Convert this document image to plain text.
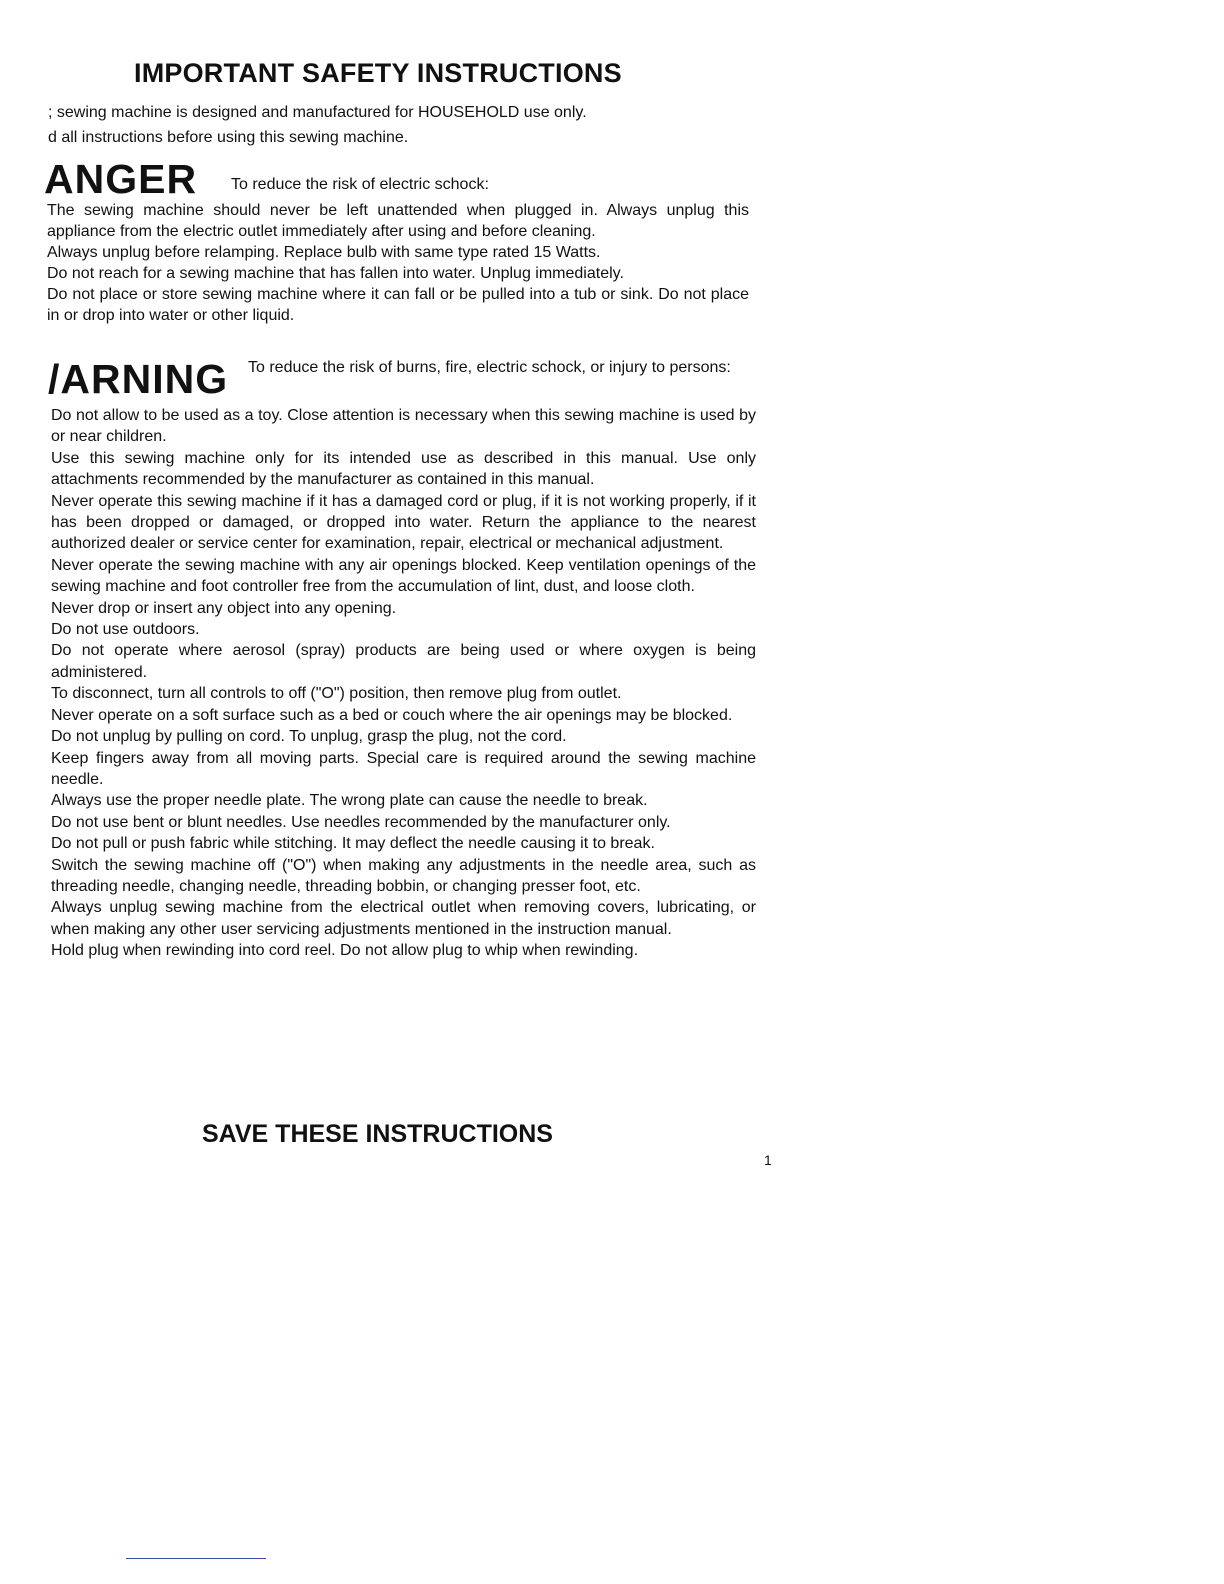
IMPORTANT SAFETY INSTRUCTIONS
; sewing machine is designed and manufactured for HOUSEHOLD use only.
d all instructions before using this sewing machine.
ANGER To reduce the risk of electric schock:
The sewing machine should never be left unattended when plugged in. Always unplug this appliance from the electric outlet immediately after using and before cleaning.
Always unplug before relamping. Replace bulb with same type rated 15 Watts.
Do not reach for a sewing machine that has fallen into water. Unplug immediately.
Do not place or store sewing machine where it can fall or be pulled into a tub or sink. Do not place in or drop into water or other liquid.
/ARNING To reduce the risk of burns, fire, electric schock, or injury to persons:
Do not allow to be used as a toy. Close attention is necessary when this sewing machine is used by or near children.
Use this sewing machine only for its intended use as described in this manual. Use only attachments recommended by the manufacturer as contained in this manual.
Never operate this sewing machine if it has a damaged cord or plug, if it is not working properly, if it has been dropped or damaged, or dropped into water. Return the appliance to the nearest authorized dealer or service center for examination, repair, electrical or mechanical adjustment.
Never operate the sewing machine with any air openings blocked. Keep ventilation openings of the sewing machine and foot controller free from the accumulation of lint, dust, and loose cloth.
Never drop or insert any object into any opening.
Do not use outdoors.
Do not operate where aerosol (spray) products are being used or where oxygen is being administered.
To disconnect, turn all controls to off ("O") position, then remove plug from outlet.
Never operate on a soft surface such as a bed or couch where the air openings may be blocked.
Do not unplug by pulling on cord. To unplug, grasp the plug, not the cord.
Keep fingers away from all moving parts. Special care is required around the sewing machine needle.
Always use the proper needle plate. The wrong plate can cause the needle to break.
Do not use bent or blunt needles. Use needles recommended by the manufacturer only.
Do not pull or push fabric while stitching. It may deflect the needle causing it to break.
Switch the sewing machine off ("O") when making any adjustments in the needle area, such as threading needle, changing needle, threading bobbin, or changing presser foot, etc.
Always unplug sewing machine from the electrical outlet when removing covers, lubricating, or when making any other user servicing adjustments mentioned in the instruction manual.
Hold plug when rewinding into cord reel. Do not allow plug to whip when rewinding.
SAVE THESE INSTRUCTIONS
1
